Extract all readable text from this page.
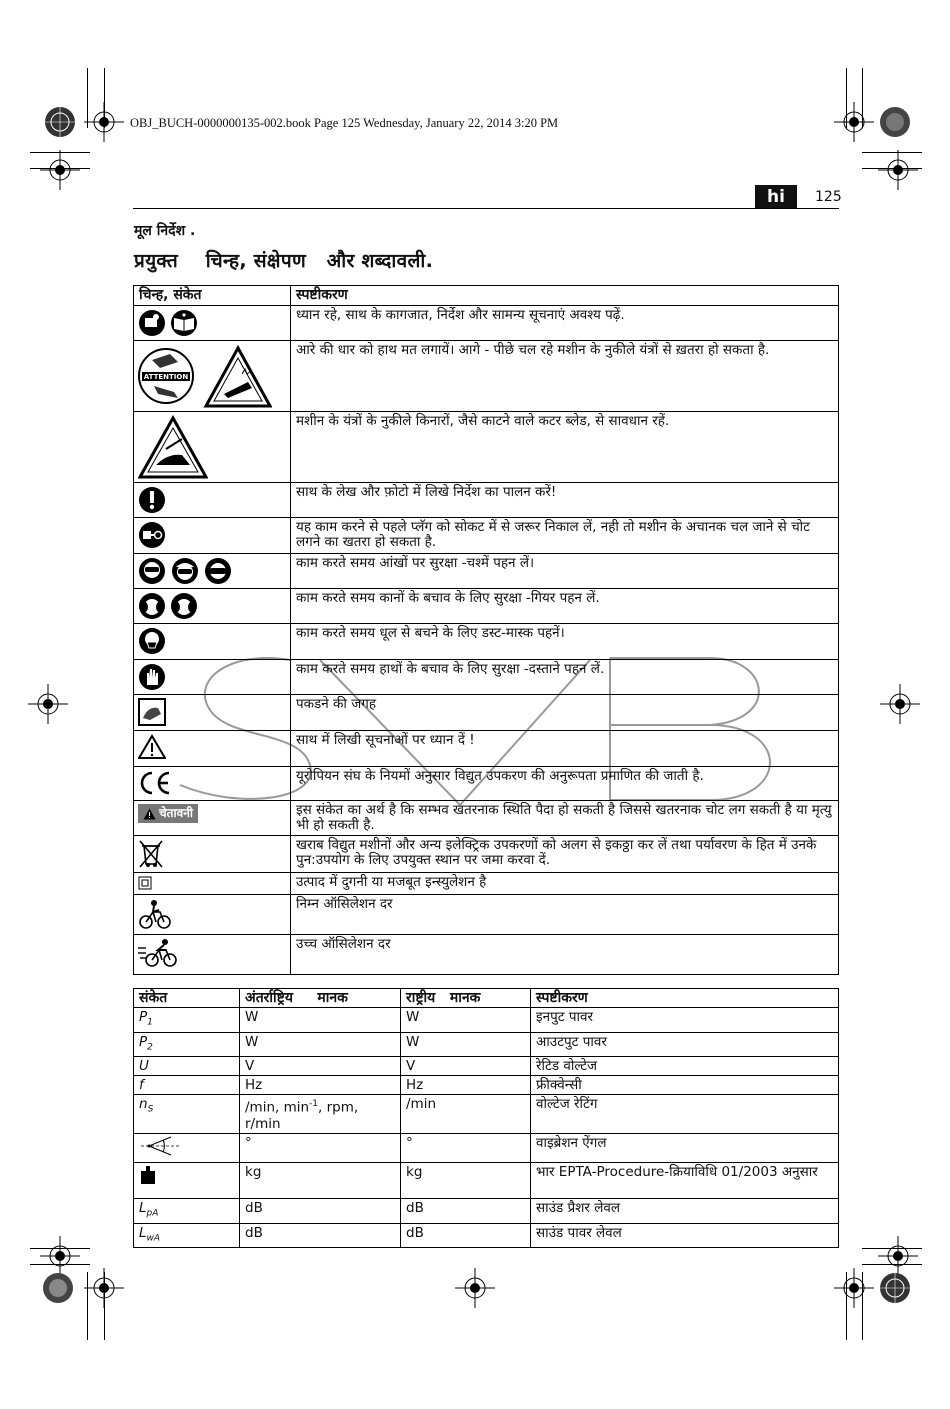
OBJ_BUCH-0000000135-002.book Page 125 Wednesday, January 22, 2014 3:20 PM
hi	125
मूल निर्देश .
प्रयुक्त    चिन्ह, संक्षेपण   और शब्दावली.
चिन्ह, संकेत	स्पष्टीकरण
	ध्यान रहे, साथ के कागजात, निर्देश और सामन्य सूचनाएं अवश्य पढ़ें.

ATTENTION	आरे की धार को हाथ मत लगायें। आगे - पीछे चल रहे मशीन के नुकीले यंत्रों से ख़तरा हो सकता है.
	मशीन के यंत्रों के नुकीले किनारों, जैसे काटने वाले कटर ब्लेड, से सावधान रहें.
	साथ के लेख और फ़ोटो में लिखे निर्देश का पालन करें!
	यह काम करने से पहले प्लॅग को सोकट में से जरूर निकाल लें, नही तो मशीन के अचानक चल जाने से चोट लगने का खतरा हो सकता है.
	काम करते समय आंखों पर सुरक्षा -चश्में पहन लें।
	काम करते समय कानों के बचाव के लिए सुरक्षा -गियर पहन लें.
	काम करते समय धूल से बचने के लिए डस्ट-मास्क पहनें।
	काम करते समय हाथों के बचाव के लिए सुरक्षा -दस्ताने पहन लें.
	पकडने की जगह
	साथ में लिखी सूचनाओं पर ध्यान दें !
	यूरोपियन संघ के नियमों अनुसार विद्युत उपकरण की अनुरूपता प्रमाणित की जाती है.

चेतावनी	इस संकेत का अर्थ है कि सम्भव खतरनाक स्थिति पैदा हो सकती है जिससे खतरनाक चोट लग सकती है या मृत्यु भी हो सकती है.
	खराब विद्युत मशीनों और अन्य इलेक्ट्रिक उपकरणों को अलग से इकठ्ठा कर लें तथा पर्यावरण के हित में उनके पुन:उपयोग के लिए उपयुक्त स्थान पर जमा करवा दें.
	उत्पाद में दुगनी या मजबूत इन्स्युलेशन है
	निम्न ऑसिलेशन दर
	उच्च ऑसिलेशन दर
संकेत	अंतर्राष्ट्रिय     मानक	राष्ट्रीय   मानक	स्पष्टीकरण
$P_1$	W	W	इनपुट पावर
$P_2$	W	W	आउटपुट पावर
U	V	V	रेटिड वोल्टेज
f	Hz	Hz	फ्रीक्वेन्सी
$n_S$	/min, $\min^{-1}$, rpm, r/min	/min	वोल्टेज रेटिंग
	°	°	वाइब्रेशन ऐंगल
	kg	kg	भार EPTA-Procedure-क्रियाविधि 01/2003 अनुसार
$L_{pA}$	dB	dB	साउंड प्रैशर लेवल
$L_{wA}$	dB	dB	साउंड पावर लेवल
